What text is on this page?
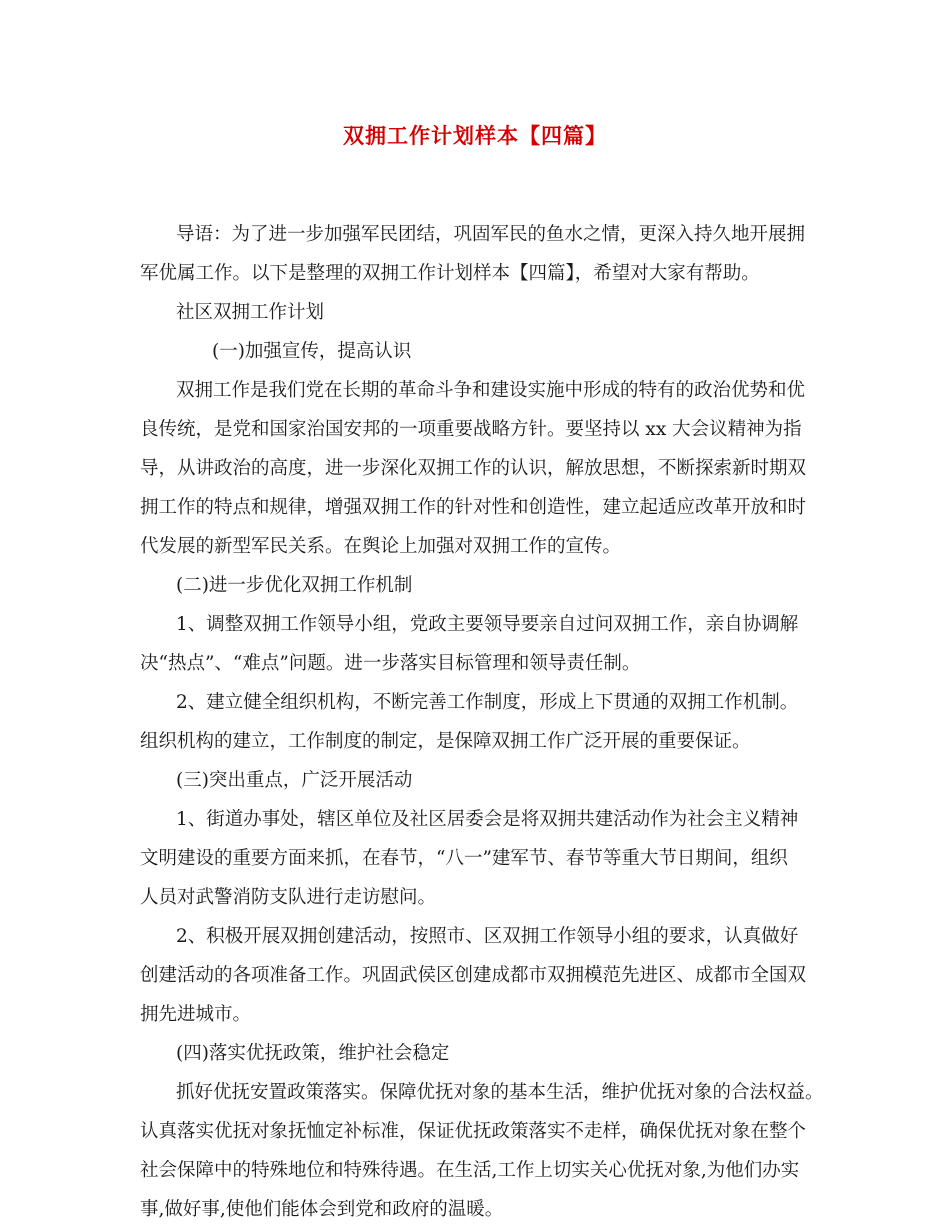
双拥工作计划样本【四篇】
导语：为了进一步加强军民团结，巩固军民的鱼水之情，更深入持久地开展拥
军优属工作。以下是整理的双拥工作计划样本【四篇】，希望对大家有帮助。
社区双拥工作计划
(一)加强宣传，提高认识
双拥工作是我们党在长期的革命斗争和建设实施中形成的特有的政治优势和优
良传统，是党和国家治国安邦的一项重要战略方针。要坚持以 xx 大会议精神为指
导，从讲政治的高度，进一步深化双拥工作的认识，解放思想，不断探索新时期双
拥工作的特点和规律，增强双拥工作的针对性和创造性，建立起适应改革开放和时
代发展的新型军民关系。在舆论上加强对双拥工作的宣传。
(二)进一步优化双拥工作机制
1、调整双拥工作领导小组，党政主要领导要亲自过问双拥工作，亲自协调解
决“热点”、“难点”问题。进一步落实目标管理和领导责任制。
2、建立健全组织机构，不断完善工作制度，形成上下贯通的双拥工作机制。
组织机构的建立，工作制度的制定，是保障双拥工作广泛开展的重要保证。
(三)突出重点，广泛开展活动
1、街道办事处，辖区单位及社区居委会是将双拥共建活动作为社会主义精神
文明建设的重要方面来抓，在春节，“八一”建军节、春节等重大节日期间，组织
人员对武警消防支队进行走访慰问。
2、积极开展双拥创建活动，按照市、区双拥工作领导小组的要求，认真做好
创建活动的各项准备工作。巩固武侯区创建成都市双拥模范先进区、成都市全国双
拥先进城市。
(四)落实优抚政策，维护社会稳定
抓好优抚安置政策落实。保障优抚对象的基本生活，维护优抚对象的合法权益。
认真落实优抚对象抚恤定补标准，保证优抚政策落实不走样，确保优抚对象在整个
社会保障中的特殊地位和特殊待遇。在生活,工作上切实关心优抚对象,为他们办实
事,做好事,使他们能体会到党和政府的温暖。
